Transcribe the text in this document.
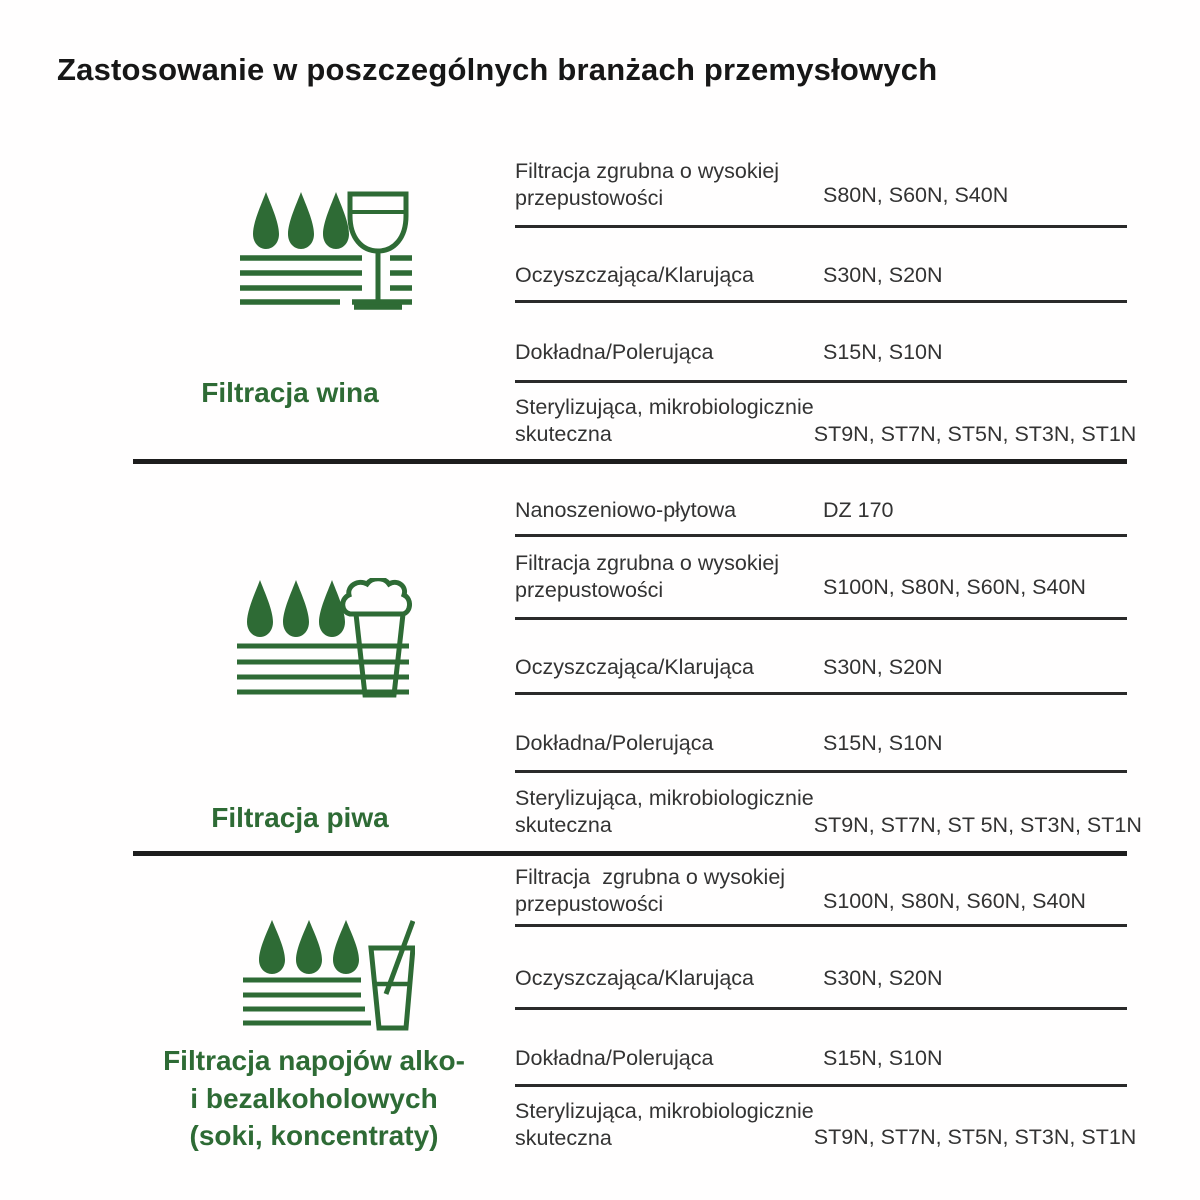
Zastosowanie w poszczególnych branżach przemysłowych
Filtracja wina
Filtracja zgrubna o wysokiej
przepustowości	S80N, S60N, S40N
Oczyszczająca/Klarująca	S30N, S20N
Dokładna/Polerująca	S15N, S10N
Sterylizująca, mikrobiologicznie
skuteczna	ST9N, ST7N, ST5N, ST3N, ST1N
Filtracja piwa
Nanoszeniowo-płytowa	DZ 170
Filtracja zgrubna o wysokiej
przepustowości	S100N, S80N, S60N, S40N
Oczyszczająca/Klarująca	S30N, S20N
Dokładna/Polerująca	S15N, S10N
Sterylizująca, mikrobiologicznie
skuteczna	ST9N, ST7N, ST 5N, ST3N, ST1N
Filtracja napojów alko-
i bezalkoholowych
(soki, koncentraty)
Filtracja  zgrubna o wysokiej
przepustowości	S100N, S80N, S60N, S40N
Oczyszczająca/Klarująca	S30N, S20N
Dokładna/Polerująca	S15N, S10N
Sterylizująca, mikrobiologicznie
skuteczna	ST9N, ST7N, ST5N, ST3N, ST1N
